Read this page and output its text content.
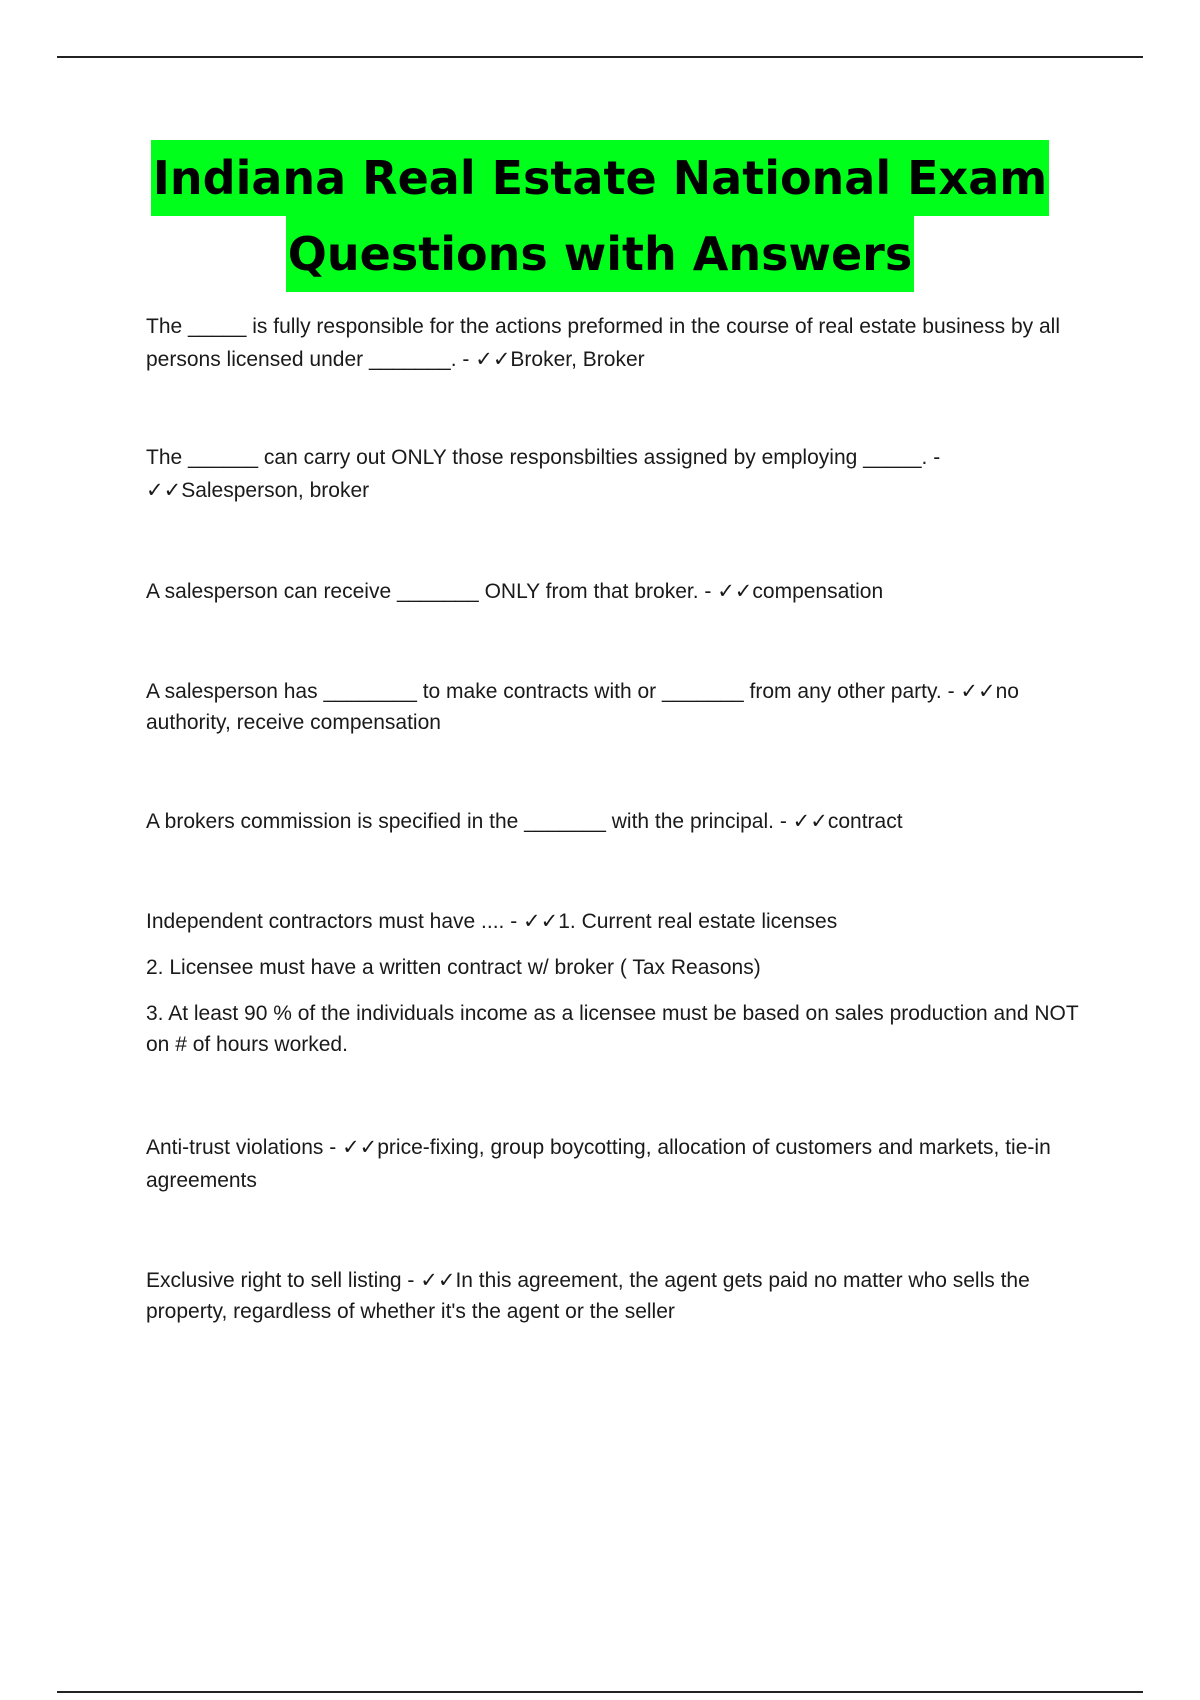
Indiana Real Estate National Exam
Questions with Answers

The _____ is fully responsible for the actions preformed in the course of real estate business by all persons licensed under _______. - ✓✓Broker, Broker

The ______ can carry out ONLY those responsbilties assigned by employing _____. - ✓✓Salesperson, broker

A salesperson can receive _______ ONLY from that broker. - ✓✓compensation

A salesperson has ________ to make contracts with or _______ from any other party. - ✓✓no authority, receive compensation

A brokers commission is specified in the _______ with the principal. - ✓✓contract

Independent contractors must have .... - ✓✓1. Current real estate licenses

2. Licensee must have a written contract w/ broker ( Tax Reasons)

3. At least 90 % of the individuals income as a licensee must be based on sales production and NOT on # of hours worked.

Anti-trust violations - ✓✓price-fixing, group boycotting, allocation of customers and markets, tie-in agreements

Exclusive right to sell listing - ✓✓In this agreement, the agent gets paid no matter who sells the property, regardless of whether it's the agent or the seller
